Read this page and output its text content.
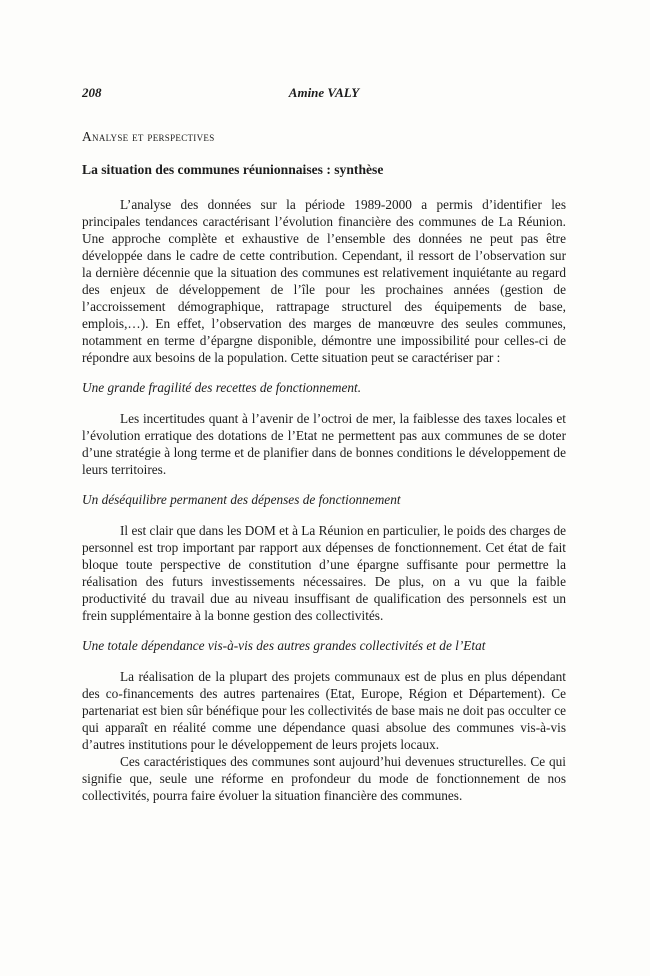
208	Amine VALY
Analyse et perspectives
La situation des communes réunionnaises : synthèse

L’analyse des données sur la période 1989-2000 a permis d’identifier les principales tendances caractérisant l’évolution financière des communes de La Réunion. Une approche complète et exhaustive de l’ensemble des données ne peut pas être développée dans le cadre de cette contribution. Cependant, il ressort de l’observation sur la dernière décennie que la situation des communes est relativement inquiétante au regard des enjeux de développement de l’île pour les prochaines années (gestion de l’accroissement démographique, rattrapage structurel des équipements de base, emplois,…). En effet, l’observation des marges de manœuvre des seules communes, notamment en terme d’épargne disponible, démontre une impossibilité pour celles-ci de répondre aux besoins de la population. Cette situation peut se caractériser par :

Une grande fragilité des recettes de fonctionnement.

Les incertitudes quant à l’avenir de l’octroi de mer, la faiblesse des taxes locales et l’évolution erratique des dotations de l’Etat ne permettent pas aux communes de se doter d’une stratégie à long terme et de planifier dans de bonnes conditions le développement de leurs territoires.

Un déséquilibre permanent des dépenses de fonctionnement

Il est clair que dans les DOM et à La Réunion en particulier, le poids des charges de personnel est trop important par rapport aux dépenses de fonctionnement. Cet état de fait bloque toute perspective de constitution d’une épargne suffisante pour permettre la réalisation des futurs investissements nécessaires. De plus, on a vu que la faible productivité du travail due au niveau insuffisant de qualification des personnels est un frein supplémentaire à la bonne gestion des collectivités.

Une totale dépendance vis-à-vis des autres grandes collectivités et de l’Etat

La réalisation de la plupart des projets communaux est de plus en plus dépendant des co-financements des autres partenaires (Etat, Europe, Région et Département). Ce partenariat est bien sûr bénéfique pour les collectivités de base mais ne doit pas occulter ce qui apparaît en réalité comme une dépendance quasi absolue des communes vis-à-vis d’autres institutions pour le développement de leurs projets locaux.

Ces caractéristiques des communes sont aujourd’hui devenues structurelles. Ce qui signifie que, seule une réforme en profondeur du mode de fonctionnement de nos collectivités, pourra faire évoluer la situation financière des communes.
